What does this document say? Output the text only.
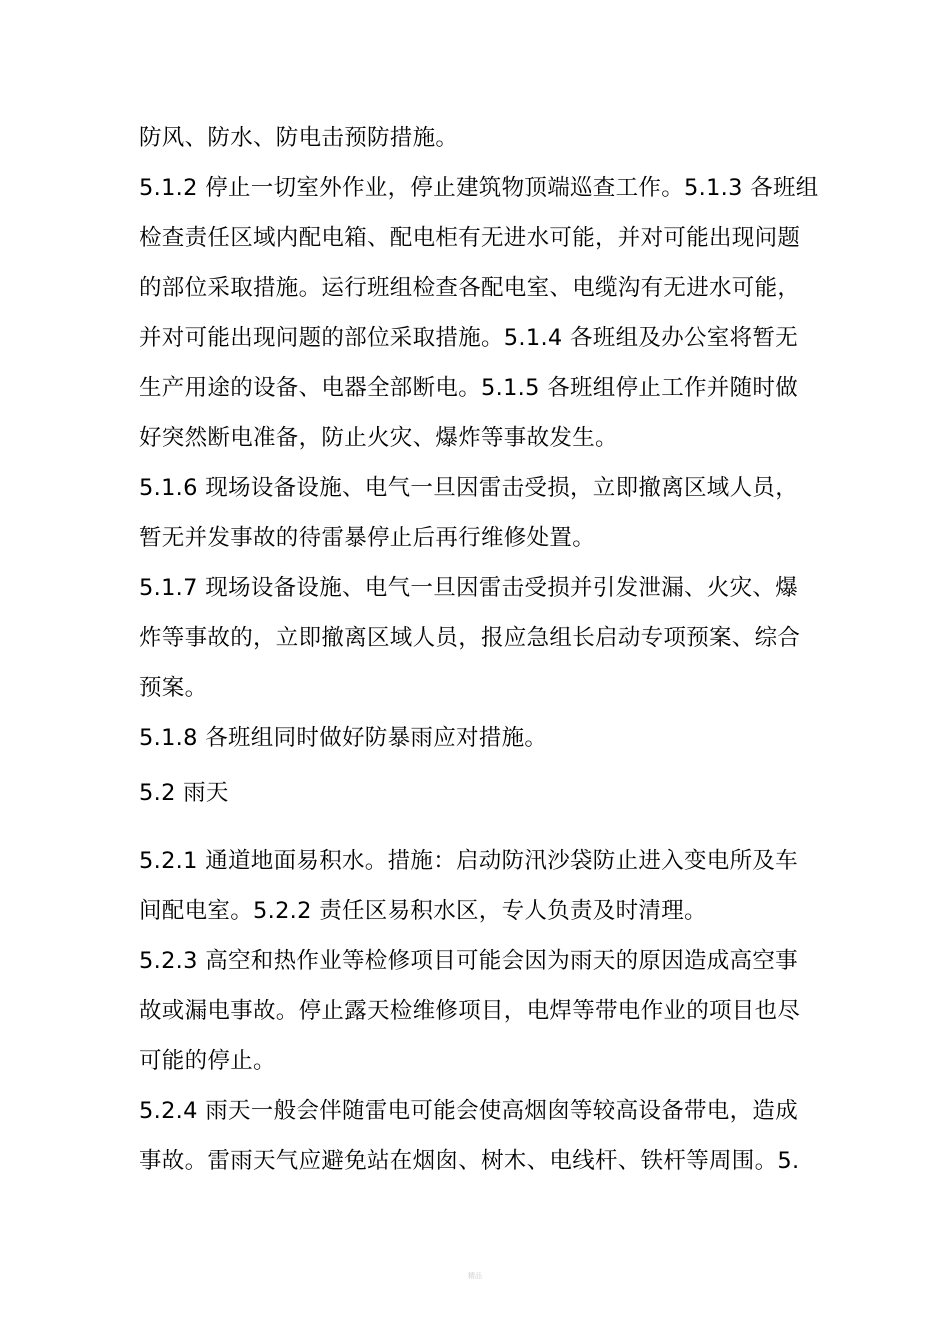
防风、防水、防电击预防措施。

5.1.2 停止一切室外作业，停止建筑物顶端巡查工作。5.1.3 各班组

检查责任区域内配电箱、配电柜有无进水可能，并对可能出现问题

的部位采取措施。运行班组检查各配电室、电缆沟有无进水可能，

并对可能出现问题的部位采取措施。5.1.4 各班组及办公室将暂无

生产用途的设备、电器全部断电。5.1.5 各班组停止工作并随时做

好突然断电准备，防止火灾、爆炸等事故发生。

5.1.6 现场设备设施、电气一旦因雷击受损，立即撤离区域人员，

暂无并发事故的待雷暴停止后再行维修处置。

5.1.7 现场设备设施、电气一旦因雷击受损并引发泄漏、火灾、爆

炸等事故的，立即撤离区域人员，报应急组长启动专项预案、综合

预案。

5.1.8 各班组同时做好防暴雨应对措施。

5.2 雨天

5.2.1 通道地面易积水。措施：启动防汛沙袋防止进入变电所及车

间配电室。5.2.2 责任区易积水区，专人负责及时清理。

5.2.3 高空和热作业等检修项目可能会因为雨天的原因造成高空事

故或漏电事故。停止露天检维修项目，电焊等带电作业的项目也尽

可能的停止。

5.2.4 雨天一般会伴随雷电可能会使高烟囱等较高设备带电，造成

事故。雷雨天气应避免站在烟囱、树木、电线杆、铁杆等周围。5.

精品
